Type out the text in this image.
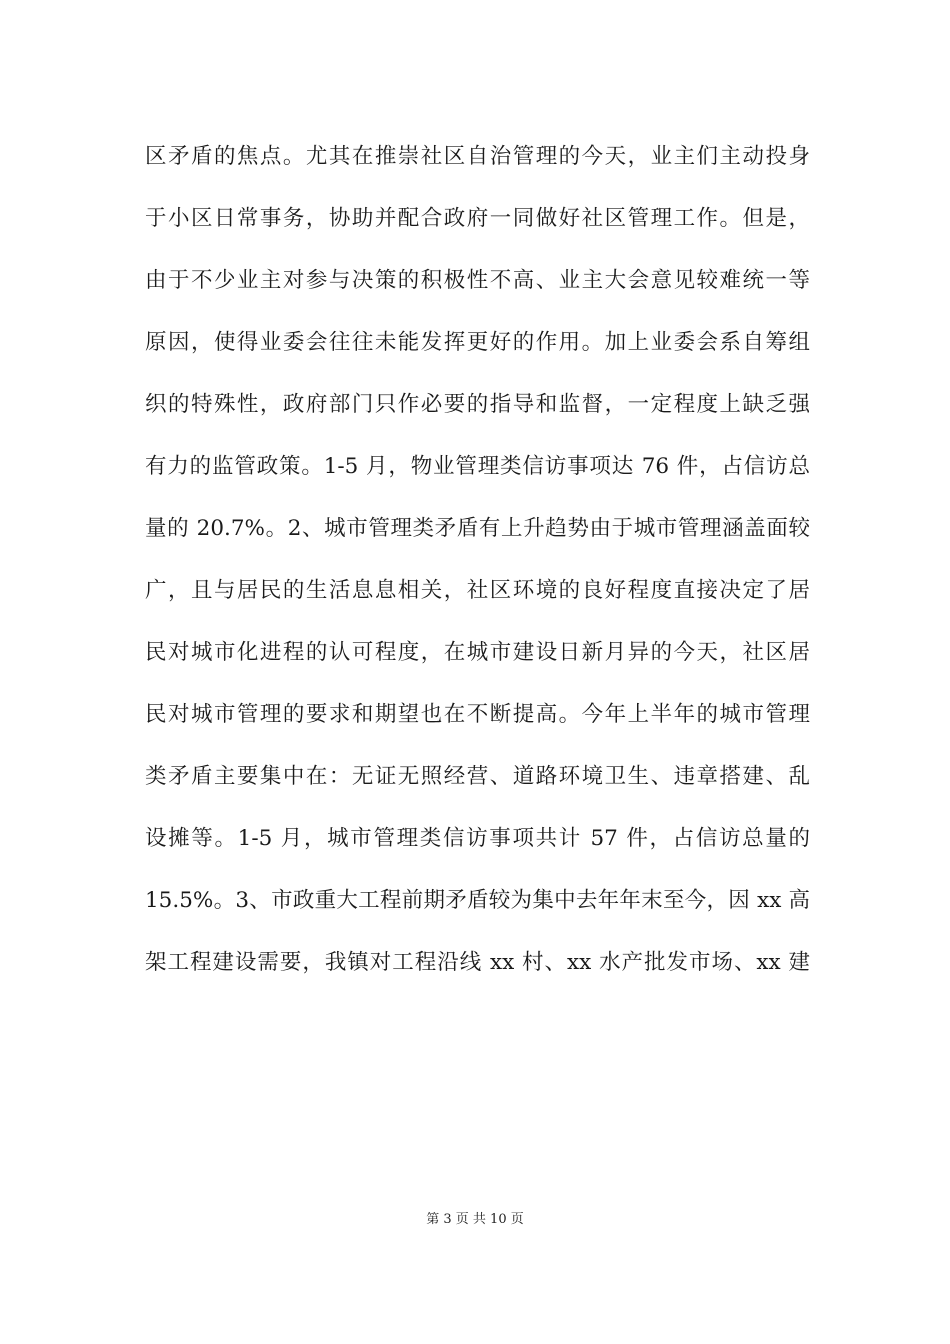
区矛盾的焦点。尤其在推崇社区自治管理的今天，业主们主动投身
于小区日常事务，协助并配合政府一同做好社区管理工作。但是，
由于不少业主对参与决策的积极性不高、业主大会意见较难统一等
原因，使得业委会往往未能发挥更好的作用。加上业委会系自筹组
织的特殊性，政府部门只作必要的指导和监督，一定程度上缺乏强
有力的监管政策。1-5 月，物业管理类信访事项达 76 件，占信访总
量的 20.7%。2、城市管理类矛盾有上升趋势由于城市管理涵盖面较
广，且与居民的生活息息相关，社区环境的良好程度直接决定了居
民对城市化进程的认可程度，在城市建设日新月异的今天，社区居
民对城市管理的要求和期望也在不断提高。今年上半年的城市管理
类矛盾主要集中在：无证无照经营、道路环境卫生、违章搭建、乱
设摊等。1-5 月，城市管理类信访事项共计 57 件，占信访总量的
15.5%。3、市政重大工程前期矛盾较为集中去年年末至今，因 xx 高
架工程建设需要，我镇对工程沿线 xx 村、xx 水产批发市场、xx 建
第 3 页 共 10 页
